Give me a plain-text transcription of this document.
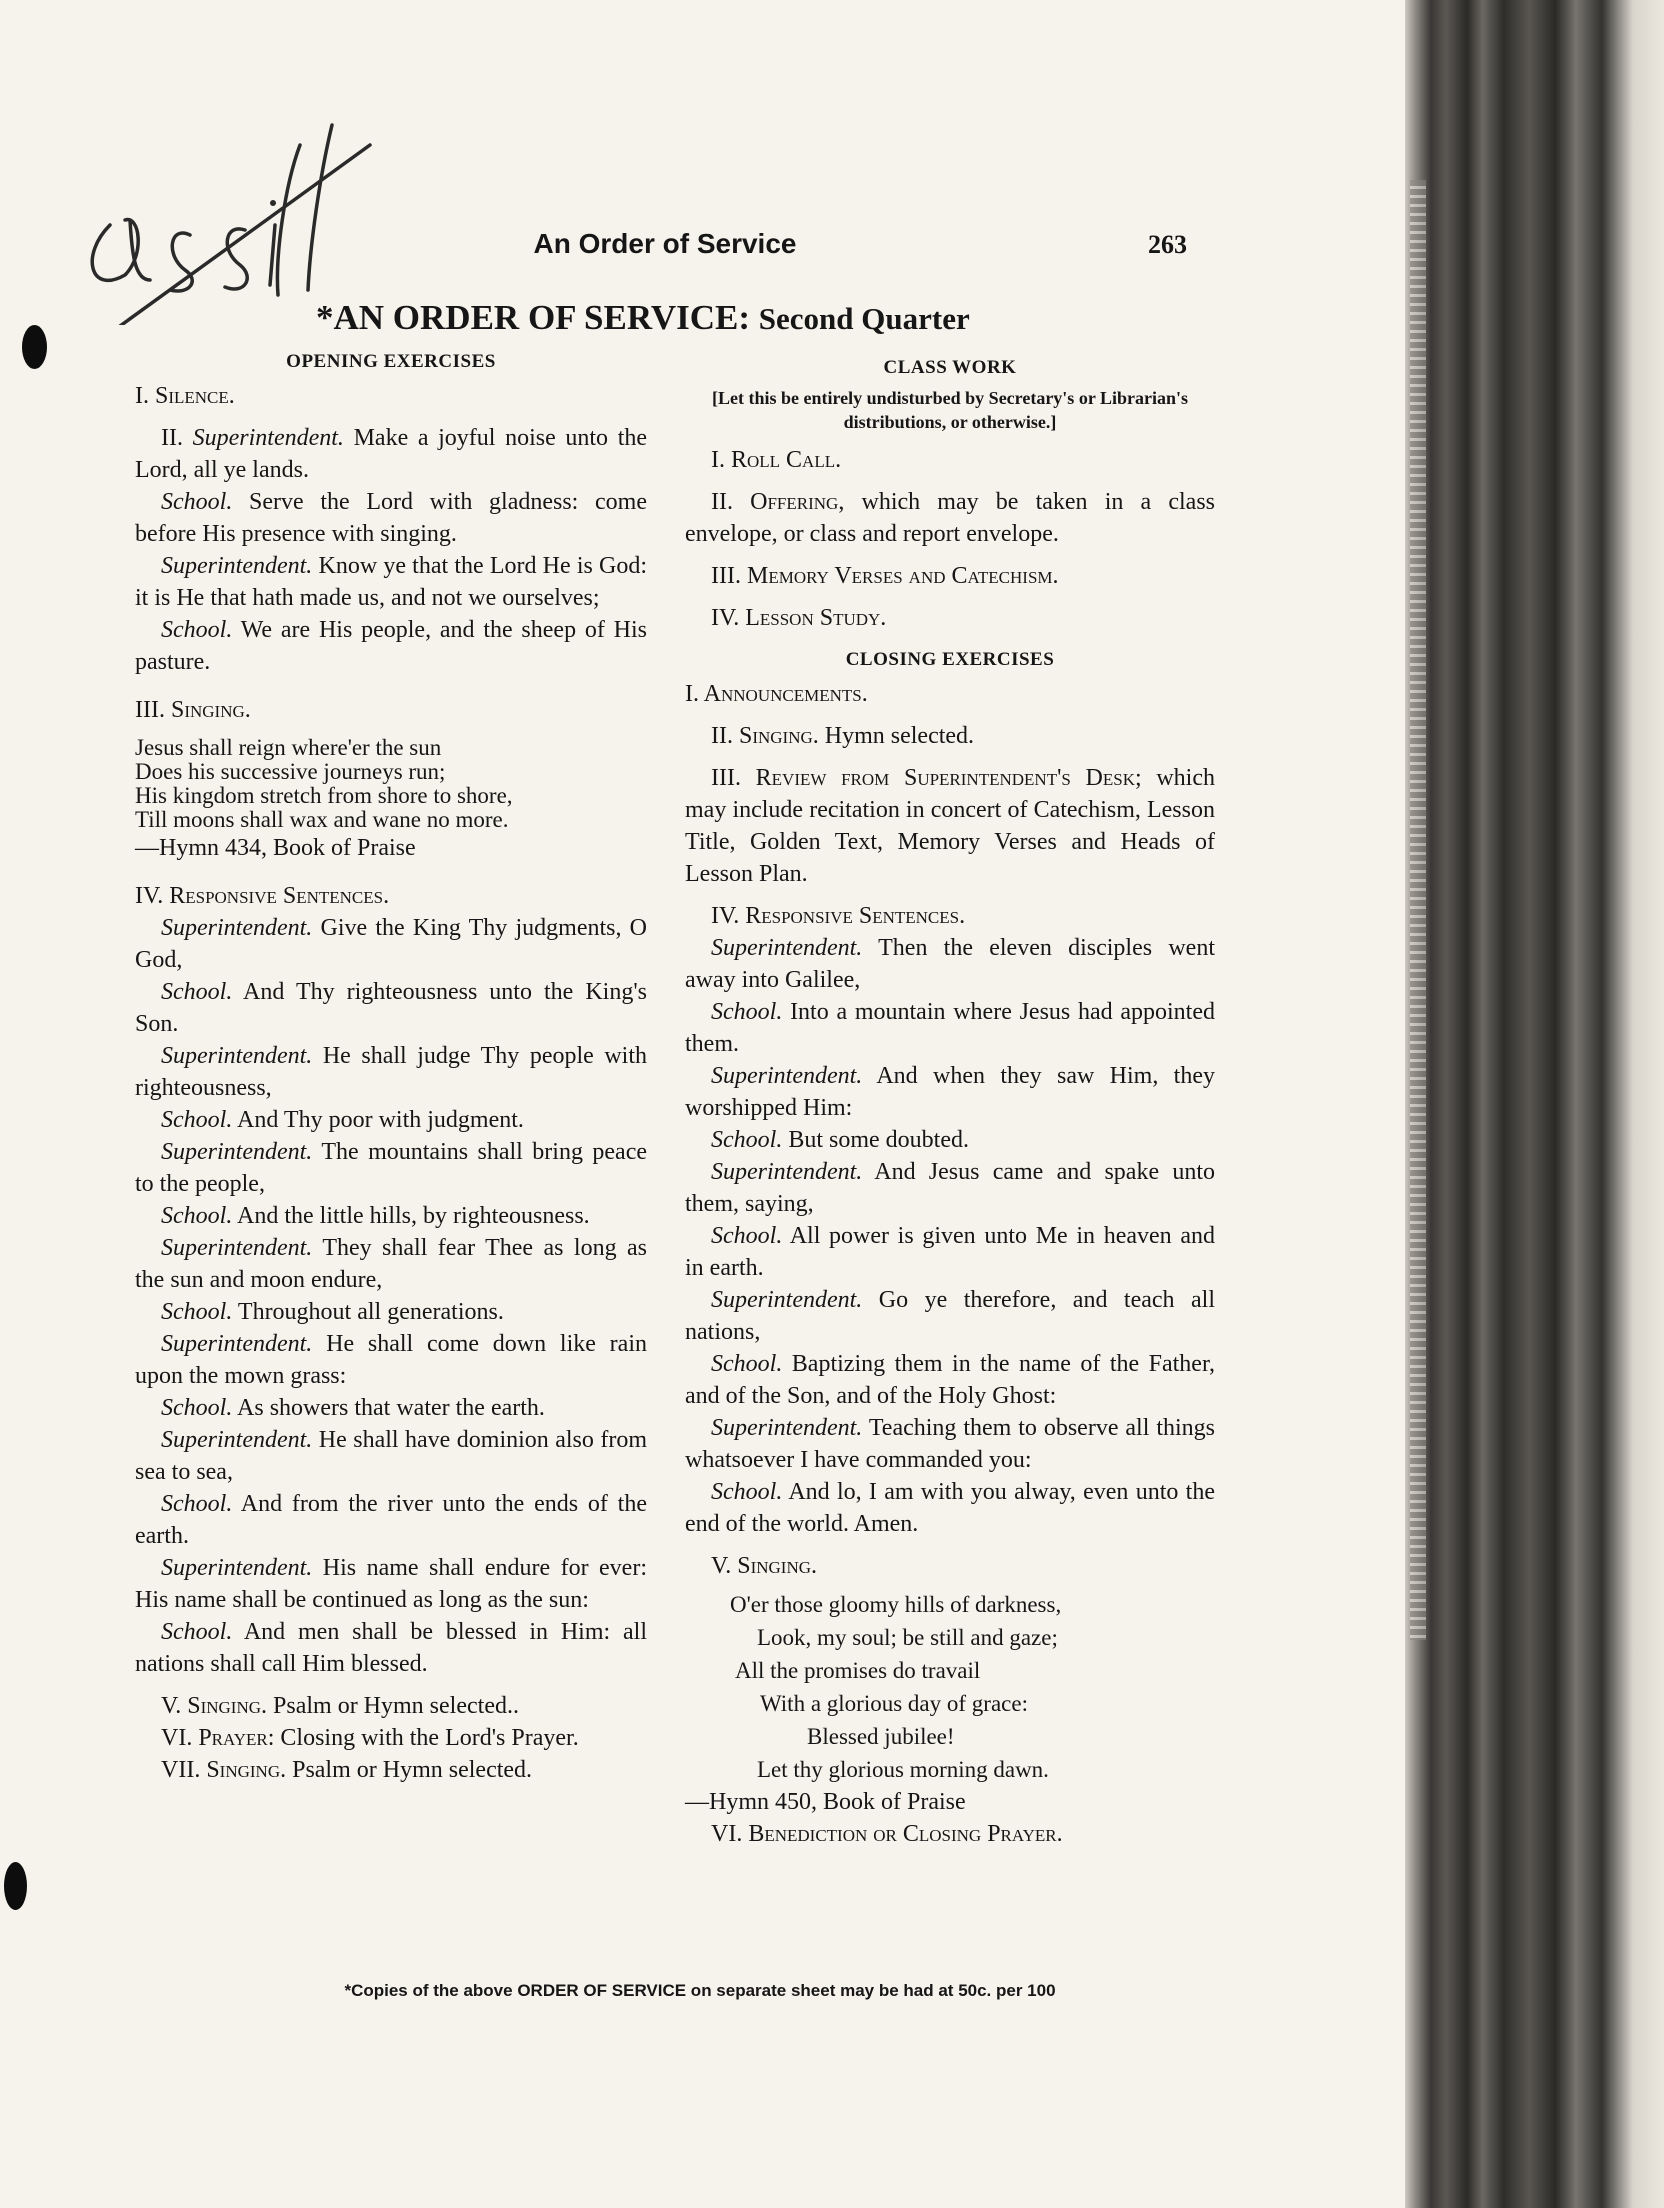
An Order of Service	263
*AN ORDER OF SERVICE: Second Quarter
OPENING EXERCISES

I. Silence.

II. Superintendent. Make a joyful noise unto the Lord, all ye lands.

School. Serve the Lord with gladness: come before His presence with singing.

Superintendent. Know ye that the Lord He is God: it is He that hath made us, and not we ourselves;

School. We are His people, and the sheep of His pasture.

III. Singing.

Jesus shall reign where'er the sun
Does his successive journeys run;
His kingdom stretch from shore to shore,
Till moons shall wax and wane no more.

—Hymn 434, Book of Praise

IV. Responsive Sentences.

Superintendent. Give the King Thy judgments, O God,

School. And Thy righteousness unto the King's Son.

Superintendent. He shall judge Thy people with righteousness,

School. And Thy poor with judgment.

Superintendent. The mountains shall bring peace to the people,

School. And the little hills, by righteousness.

Superintendent. They shall fear Thee as long as the sun and moon endure,

School. Throughout all generations.

Superintendent. He shall come down like rain upon the mown grass:

School. As showers that water the earth.

Superintendent. He shall have dominion also from sea to sea,

School. And from the river unto the ends of the earth.

Superintendent. His name shall endure for ever: His name shall be continued as long as the sun:

School. And men shall be blessed in Him: all nations shall call Him blessed.

V. Singing. Psalm or Hymn selected..

VI. Prayer: Closing with the Lord's Prayer.

VII. Singing. Psalm or Hymn selected.

CLASS WORK
[Let this be entirely undisturbed by Secretary's or Librarian's distributions, or otherwise.]

I. Roll Call.

II. Offering, which may be taken in a class envelope, or class and report envelope.

III. Memory Verses and Catechism.

IV. Lesson Study.

CLOSING EXERCISES

I. Announcements.

II. Singing. Hymn selected.

III. Review from Superintendent's Desk; which may include recitation in concert of Catechism, Lesson Title, Golden Text, Memory Verses and Heads of Lesson Plan.

IV. Responsive Sentences.

Superintendent. Then the eleven disciples went away into Galilee,

School. Into a mountain where Jesus had appointed them.

Superintendent. And when they saw Him, they worshipped Him:

School. But some doubted.

Superintendent. And Jesus came and spake unto them, saying,

School. All power is given unto Me in heaven and in earth.

Superintendent. Go ye therefore, and teach all nations,

School. Baptizing them in the name of the Father, and of the Son, and of the Holy Ghost:

Superintendent. Teaching them to observe all things whatsoever I have commanded you:

School. And lo, I am with you alway, even unto the end of the world. Amen.

V. Singing.

O'er those gloomy hills of darkness,
Look, my soul; be still and gaze;
All the promises do travail
With a glorious day of grace:
Blessed jubilee!
Let thy glorious morning dawn.

—Hymn 450, Book of Praise

VI. Benediction or Closing Prayer.

*Copies of the above ORDER OF SERVICE on separate sheet may be had at 50c. per 100
